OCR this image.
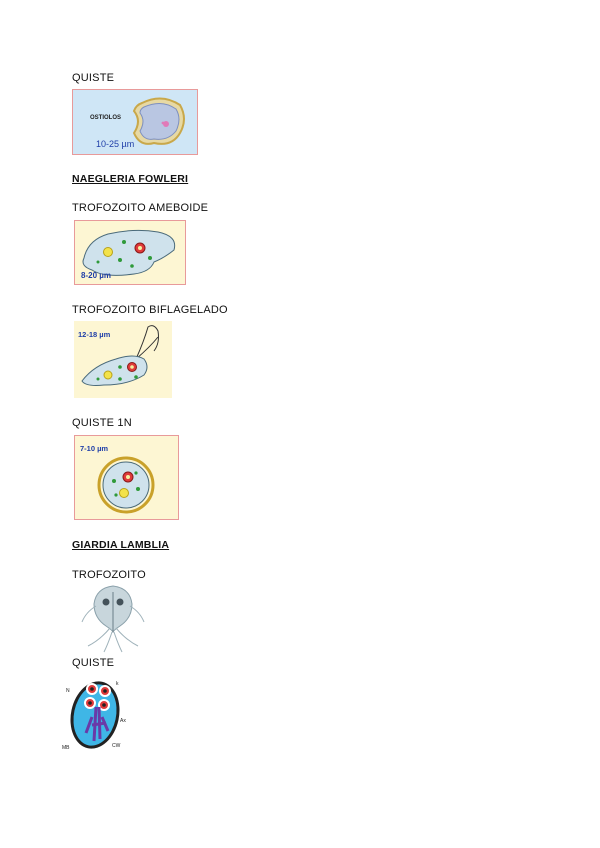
QUISTE
OSTIOLOS
10-25 µm
NAEGLERIA FOWLERI
TROFOZOITO AMEBOIDE
8-20 µm
TROFOZOITO BIFLAGELADO
12-18 µm
QUISTE 1N
7-10 µm
GIARDIA LAMBLIA
TROFOZOITO
QUISTE
N
k
Ax
MB	CW
